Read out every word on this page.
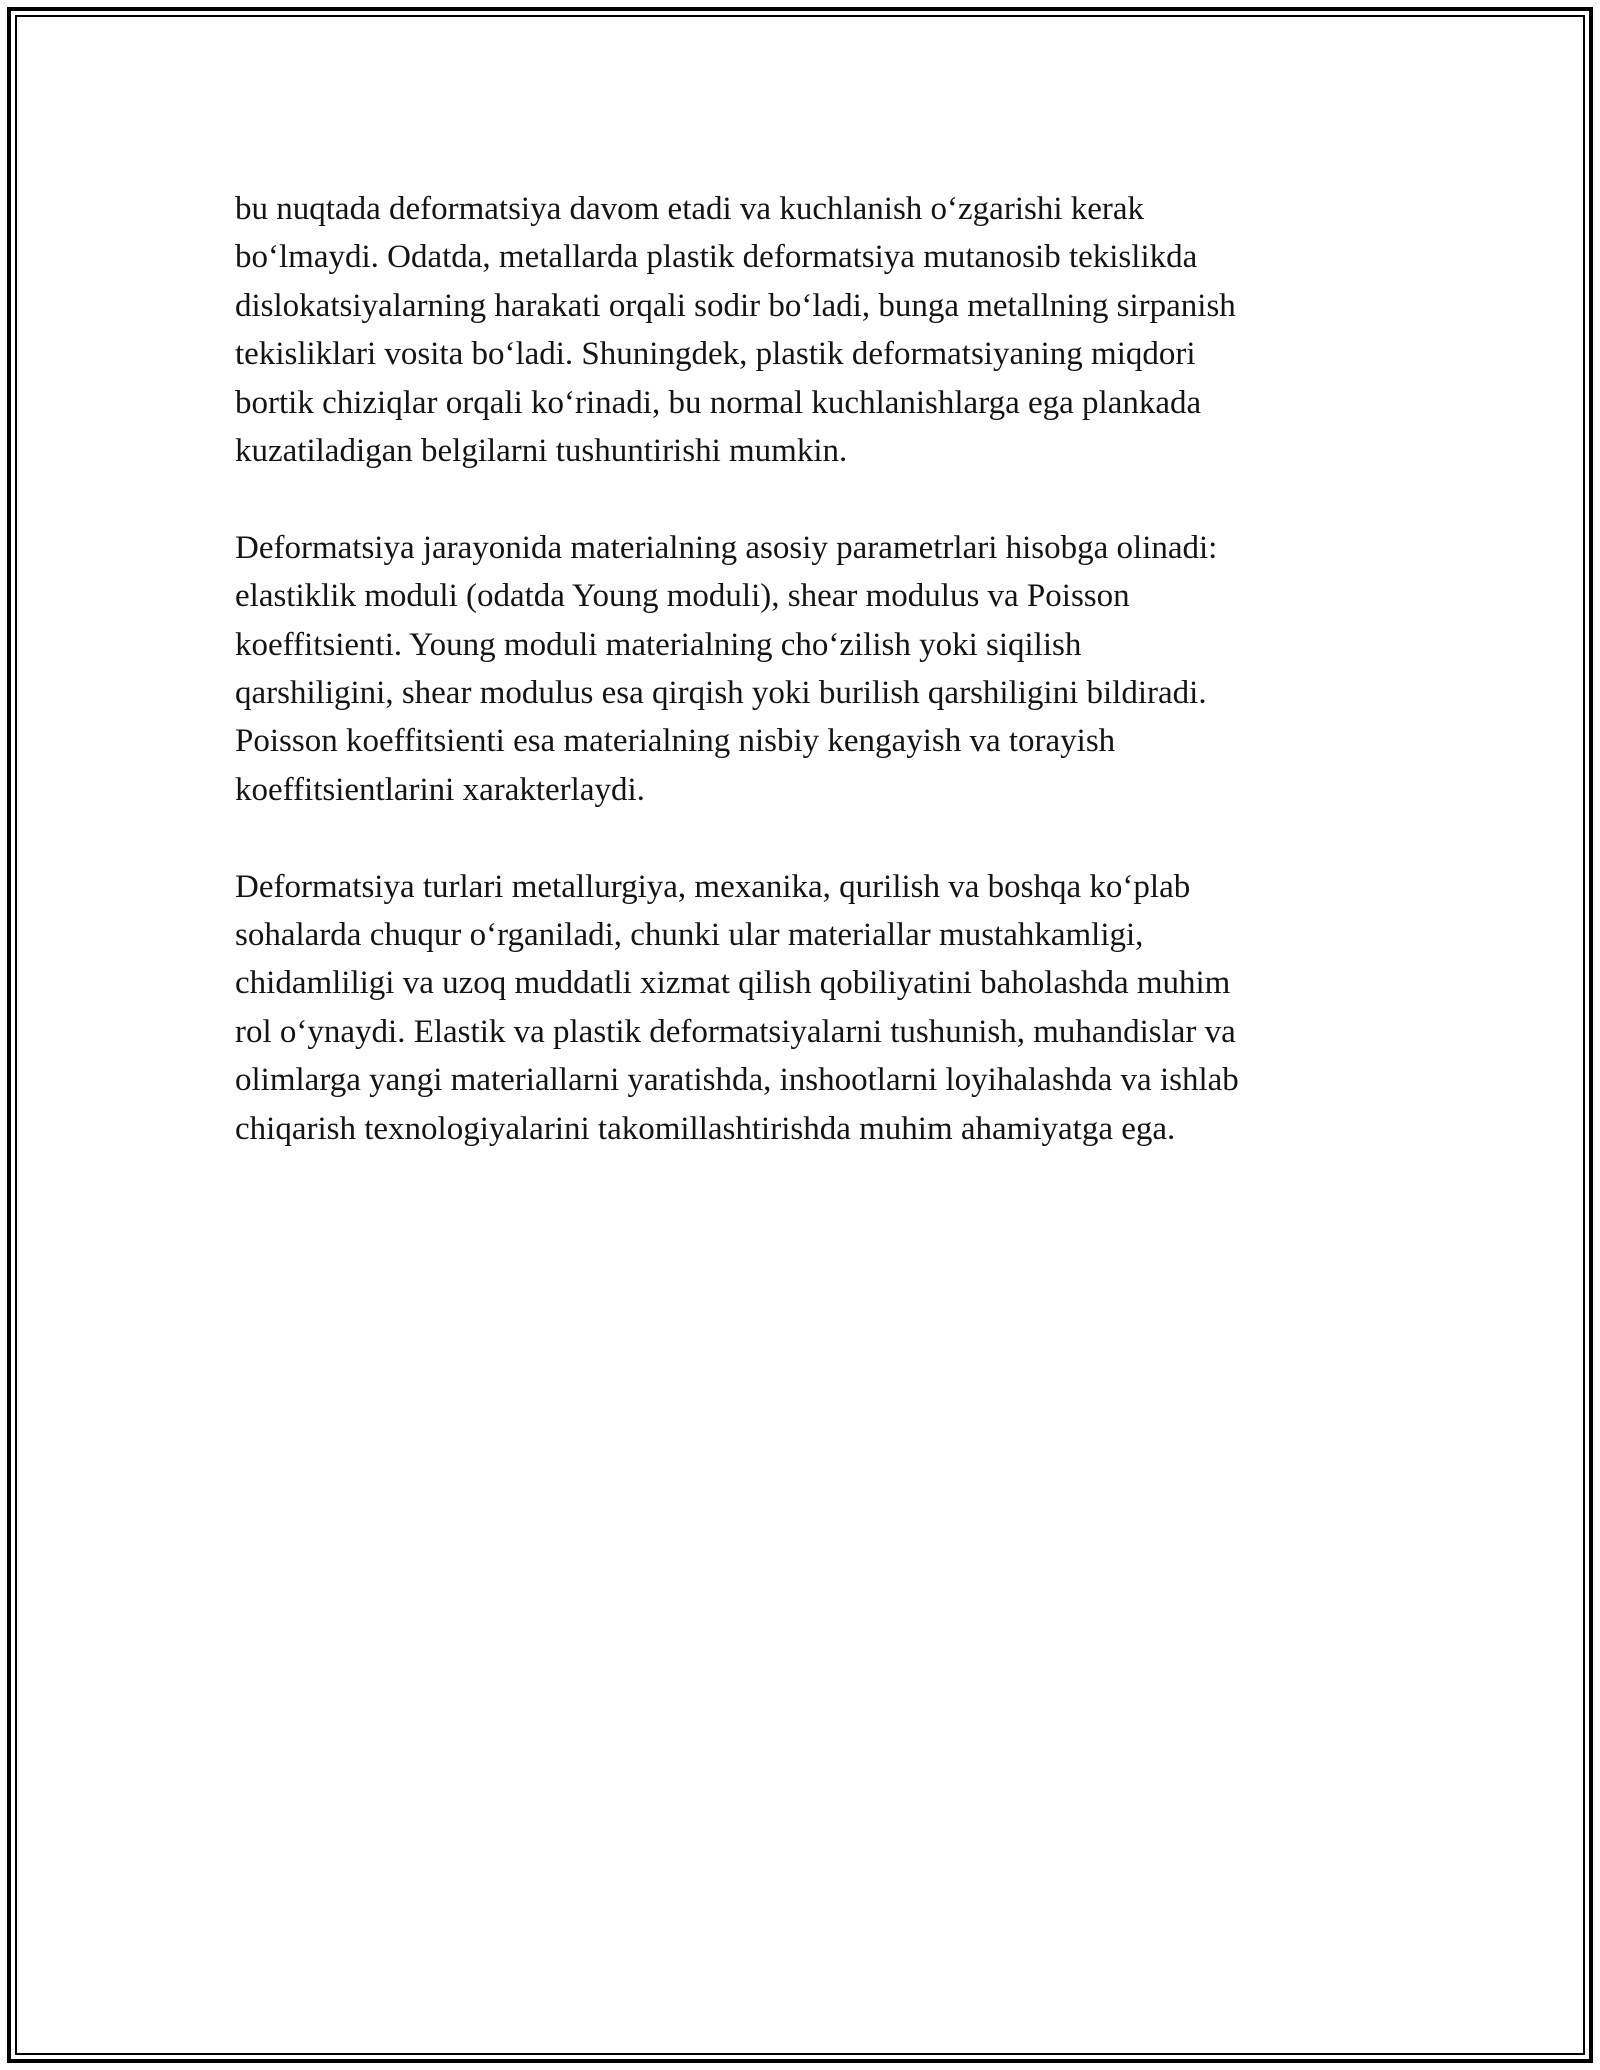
bu nuqtada deformatsiya davom etadi va kuchlanish oʻzgarishi kerak
boʻlmaydi. Odatda, metallarda plastik deformatsiya mutanosib tekislikda
dislokatsiyalarning harakati orqali sodir boʻladi, bunga metallning sirpanish
tekisliklari vosita boʻladi. Shuningdek, plastik deformatsiyaning miqdori
bortik chiziqlar orqali koʻrinadi, bu normal kuchlanishlarga ega plankada
kuzatiladigan belgilarni tushuntirishi mumkin.

Deformatsiya jarayonida materialning asosiy parametrlari hisobga olinadi:
elastiklik moduli (odatda Young moduli), shear modulus va Poisson
koeffitsienti. Young moduli materialning choʻzilish yoki siqilish
qarshiligini, shear modulus esa qirqish yoki burilish qarshiligini bildiradi.
Poisson koeffitsienti esa materialning nisbiy kengayish va torayish
koeffitsientlarini xarakterlaydi.

Deformatsiya turlari metallurgiya, mexanika, qurilish va boshqa koʻplab
sohalarda chuqur oʻrganiladi, chunki ular materiallar mustahkamligi,
chidamliligi va uzoq muddatli xizmat qilish qobiliyatini baholashda muhim
rol oʻynaydi. Elastik va plastik deformatsiyalarni tushunish, muhandislar va
olimlarga yangi materiallarni yaratishda, inshootlarni loyihalashda va ishlab
chiqarish texnologiyalarini takomillashtirishda muhim ahamiyatga ega.
